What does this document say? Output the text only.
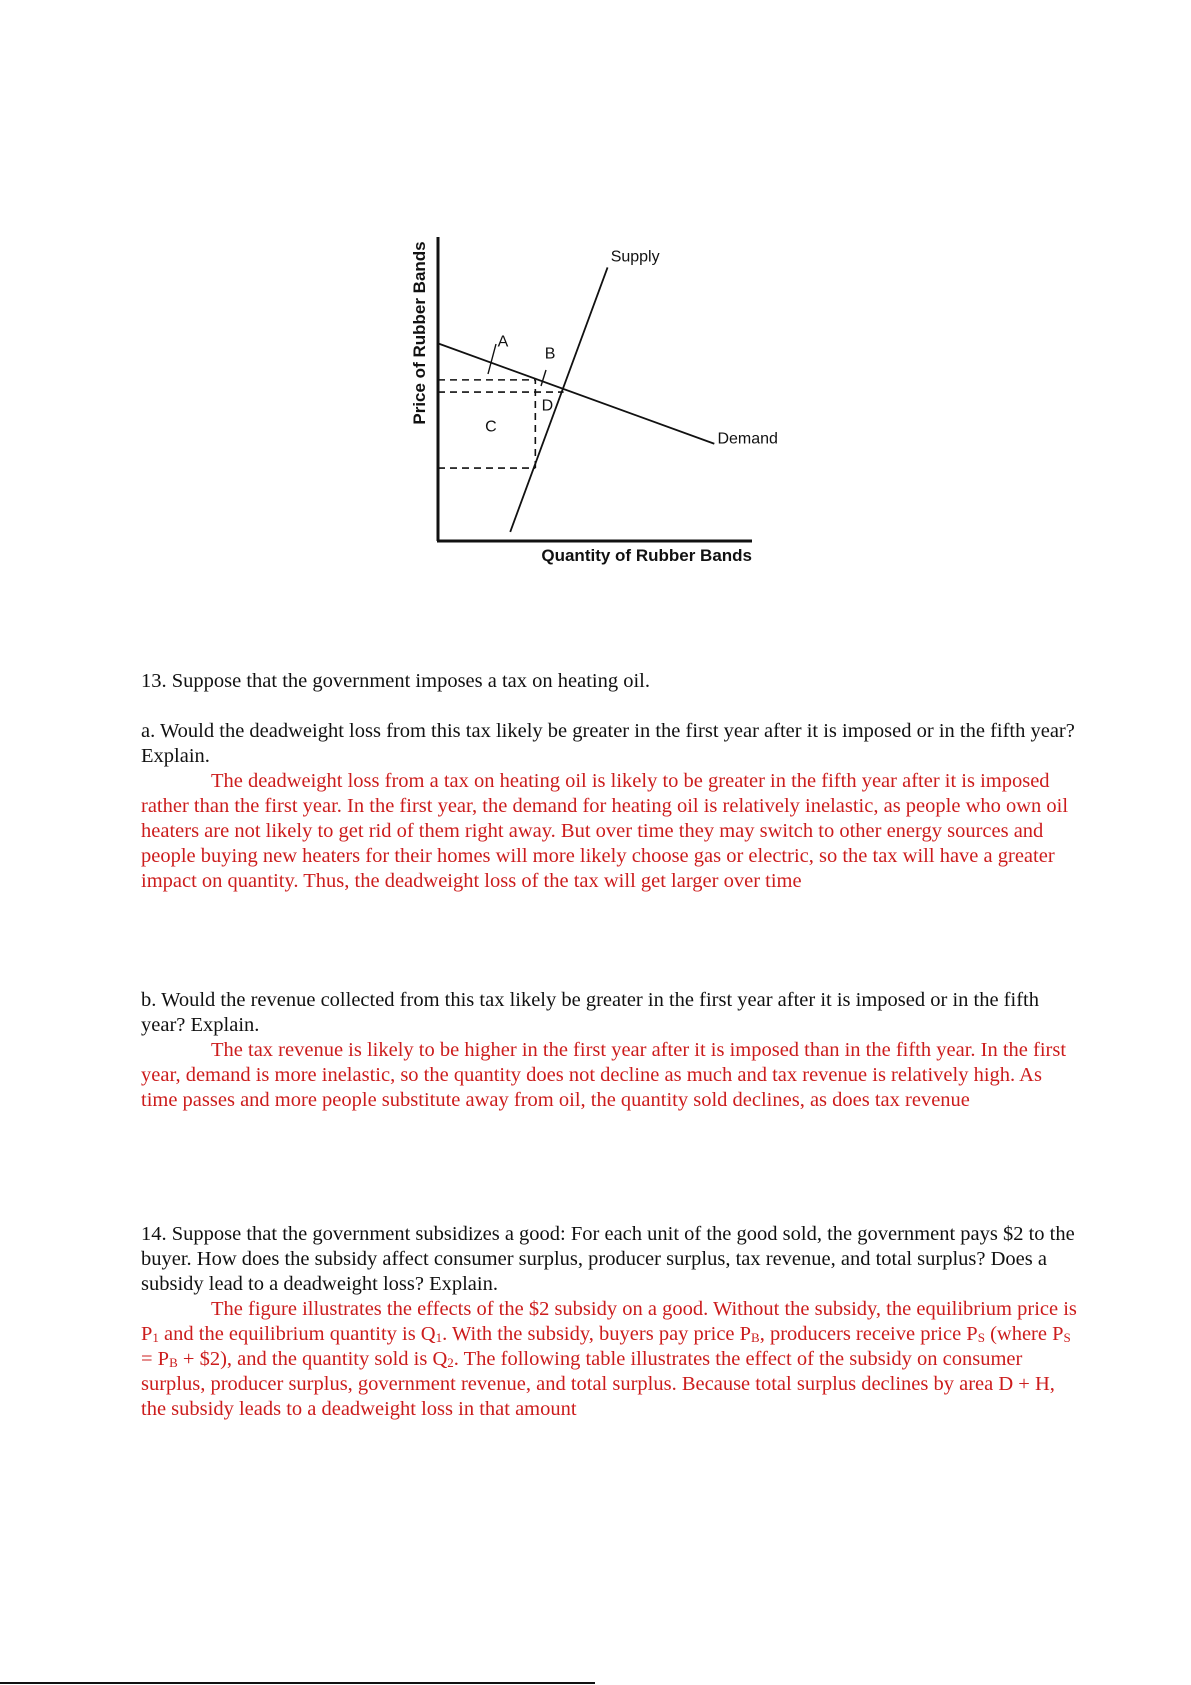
Price of Rubber Bands
Quantity of Rubber Bands
A
B
C
D
Supply
Demand

13. Suppose that the government imposes a tax on heating oil.

a. Would the deadweight loss from this tax likely be greater in the first year after it is imposed or in the fifth year? Explain.

The deadweight loss from a tax on heating oil is likely to be greater in the fifth year after it is imposed rather than the first year. In the first year, the demand for heating oil is relatively inelastic, as people who own oil heaters are not likely to get rid of them right away. But over time they may switch to other energy sources and people buying new heaters for their homes will more likely choose gas or electric, so the tax will have a greater impact on quantity. Thus, the deadweight loss of the tax will get larger over time

b. Would the revenue collected from this tax likely be greater in the first year after it is imposed or in the fifth year? Explain.

The tax revenue is likely to be higher in the first year after it is imposed than in the fifth year. In the first year, demand is more inelastic, so the quantity does not decline as much and tax revenue is relatively high. As time passes and more people substitute away from oil, the quantity sold declines, as does tax revenue

14. Suppose that the government subsidizes a good: For each unit of the good sold, the government pays $2 to the buyer. How does the subsidy affect consumer surplus, producer surplus, tax revenue, and total surplus? Does a subsidy lead to a deadweight loss? Explain.

The figure illustrates the effects of the $2 subsidy on a good. Without the subsidy, the equilibrium price is $P_1$ and the equilibrium quantity is $Q_1$. With the subsidy, buyers pay price $P_B$, producers receive price $P_S$ (where $P_S = P_B$ + $2), and the quantity sold is $Q_2$. The following table illustrates the effect of the subsidy on consumer surplus, producer surplus, government revenue, and total surplus. Because total surplus declines by area D + H, the subsidy leads to a deadweight loss in that amount
